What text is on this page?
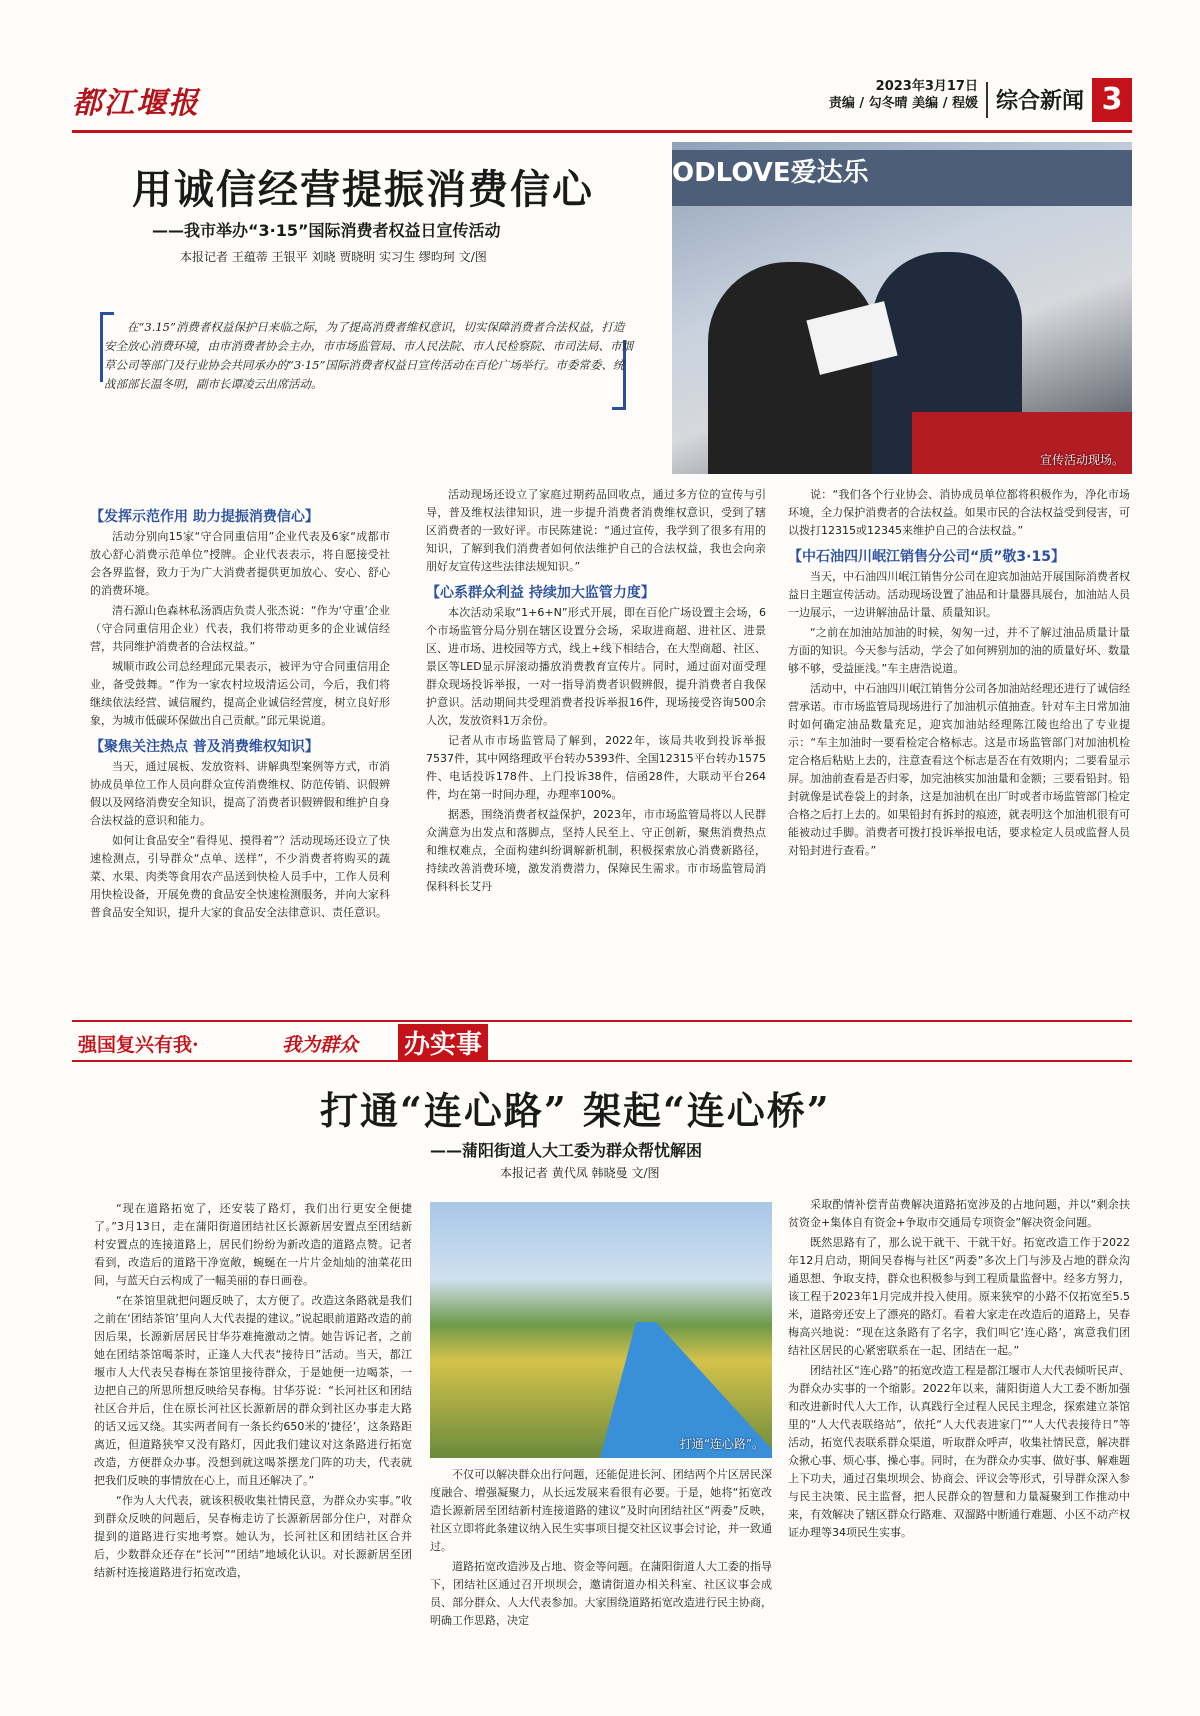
都江堰报	2023年3月17日
责编 / 勾冬晴 美编 / 程媛 综合新闻 3
用诚信经营提振消费信心
——我市举办“3·15”国际消费者权益日宣传活动
本报记者 王蕴蒂 王银平 刘晓 贾晓明 实习生 缪昀珂 文/图
在“3.15”消费者权益保护日来临之际，为了提高消费者维权意识，切实保障消费者合法权益，打造安全放心消费环境，由市消费者协会主办，市市场监管局、市人民法院、市人民检察院、市司法局、市烟草公司等部门及行业协会共同承办的“3·15”国际消费者权益日宣传活动在百伦广场举行。市委常委、统战部部长温冬明，副市长谭凌云出席活动。
ODLOVE爱达乐
宣传活动现场。

【发挥示范作用 助力提振消费信心】

活动分别向15家“守合同重信用”企业代表及6家“成都市放心舒心消费示范单位”授牌。企业代表表示，将自愿接受社会各界监督，致力于为广大消费者提供更加放心、安心、舒心的消费环境。

清石源山色森林私汤酒店负责人张杰说：“作为‘守重’企业（守合同重信用企业）代表，我们将带动更多的企业诚信经营，共同维护消费者的合法权益。”

城顺市政公司总经理邱元果表示，被评为守合同重信用企业，备受鼓舞。“作为一家农村垃圾清运公司，今后，我们将继续依法经营、诚信履约，提高企业诚信经营度，树立良好形象，为城市低碳环保做出自己贡献。”邱元果说道。

【聚焦关注热点 普及消费维权知识】

当天，通过展板、发放资料、讲解典型案例等方式，市消协成员单位工作人员向群众宣传消费维权、防范传销、识假辨假以及网络消费安全知识，提高了消费者识假辨假和维护自身合法权益的意识和能力。

如何让食品安全“看得见、摸得着”？活动现场还设立了快速检测点，引导群众“点单、送样”，不少消费者将购买的蔬菜、水果、肉类等食用农产品送到快检人员手中，工作人员利用快检设备，开展免费的食品安全快速检测服务，并向大家科普食品安全知识，提升大家的食品安全法律意识、责任意识。

活动现场还设立了家庭过期药品回收点，通过多方位的宣传与引导，普及维权法律知识，进一步提升消费者消费维权意识，受到了辖区消费者的一致好评。市民陈建说：“通过宣传，我学到了很多有用的知识，了解到我们消费者如何依法维护自己的合法权益，我也会向亲朋好友宣传这些法律法规知识。”

【心系群众利益 持续加大监管力度】

本次活动采取“1+6+N”形式开展，即在百伦广场设置主会场，6个市场监管分局分别在辖区设置分会场，采取进商超、进社区、进景区、进市场、进校园等方式，线上+线下相结合，在大型商超、社区、景区等LED显示屏滚动播放消费教育宣传片。同时，通过面对面受理群众现场投诉举报，一对一指导消费者识假辨假，提升消费者自我保护意识。活动期间共受理消费者投诉举报16件，现场接受咨询500余人次，发放资料1万余份。

记者从市市场监管局了解到，2022年，该局共收到投诉举报7537件，其中网络理政平台转办5393件、全国12315平台转办1575件、电话投诉178件、上门投诉38件，信函28件，大联动平台264件，均在第一时间办理，办理率100%。

据悉，围绕消费者权益保护，2023年，市市场监管局将以人民群众满意为出发点和落脚点，坚持人民至上、守正创新，聚焦消费热点和维权难点，全面构建纠纷调解新机制，积极探索放心消费新路径，持续改善消费环境，激发消费潜力，保障民生需求。市市场监管局消保科科长艾丹

说：“我们各个行业协会、消协成员单位都将积极作为，净化市场环境，全力保护消费者的合法权益。如果市民的合法权益受到侵害，可以拨打12315或12345来维护自己的合法权益。”

【中石油四川岷江销售分公司“质”敬3·15】

当天，中石油四川岷江销售分公司在迎宾加油站开展国际消费者权益日主题宣传活动。活动现场设置了油品和计量器具展台，加油站人员一边展示，一边讲解油品计量、质量知识。

“之前在加油站加油的时候，匆匆一过，并不了解过油品质量计量方面的知识。今天参与活动，学会了如何辨别加的油的质量好坏、数量够不够，受益匪浅。”车主唐浩说道。

活动中，中石油四川岷江销售分公司各加油站经理还进行了诚信经营承诺。市市场监管局现场进行了加油机示值抽查。针对车主日常加油时如何确定油品数量充足，迎宾加油站经理陈江陵也给出了专业提示：“车主加油时一要看检定合格标志。这是市场监管部门对加油机检定合格后粘贴上去的，注意查看这个标志是否在有效期内；二要看显示屏。加油前查看是否归零，加完油核实加油量和金额；三要看铅封。铅封就像是试卷袋上的封条，这是加油机在出厂时或者市场监管部门检定合格之后打上去的。如果铅封有拆封的痕迹，就表明这个加油机很有可能被动过手脚。消费者可拨打投诉举报电话，要求检定人员或监督人员对铅封进行查看。”

强国复兴有我·	我为群众 办实事
打通“连心路” 架起“连心桥”
——蒲阳街道人大工委为群众帮忧解困
本报记者 黄代凤 韩晓曼 文/图

“现在道路拓宽了，还安装了路灯，我们出行更安全便捷了。”3月13日，走在蒲阳街道团结社区长源新居安置点至团结新村安置点的连接道路上，居民们纷纷为新改造的道路点赞。记者看到，改造后的道路干净宽敞，蜿蜒在一片片金灿灿的油菜花田间，与蓝天白云构成了一幅美丽的春日画卷。

“在茶馆里就把问题反映了，太方便了。改造这条路就是我们之前在‘团结茶馆’里向人大代表提的建议。”说起眼前道路改造的前因后果，长源新居居民甘华芬难掩激动之情。她告诉记者，之前她在团结茶馆喝茶时，正逢人大代表“接待日”活动。当天，都江堰市人大代表吴春梅在茶馆里接待群众，于是她便一边喝茶，一边把自己的所思所想反映给吴春梅。甘华芬说：“长河社区和团结社区合并后，住在原长河社区长源新居的群众到社区办事走大路的话又远又绕。其实两者间有一条长约650米的‘捷径’，这条路距离近，但道路狭窄又没有路灯，因此我们建议对这条路进行拓宽改造，方便群众办事。没想到就这喝茶摆龙门阵的功夫，代表就把我们反映的事情放在心上，而且还解决了。”

“作为人大代表，就该积极收集社情民意，为群众办实事。”收到群众反映的问题后，吴春梅走访了长源新居部分住户，对群众提到的道路进行实地考察。她认为，长河社区和团结社区合并后，少数群众还存在“长河”“团结”地域化认识。对长源新居至团结新村连接道路进行拓宽改造，

打通“连心路”。

不仅可以解决群众出行问题，还能促进长河、团结两个片区居民深度融合、增强凝聚力，从长远发展来看很有必要。于是，她将“拓宽改造长源新居至团结新村连接道路的建议”及时向团结社区“两委”反映，社区立即将此条建议纳入民生实事项目提交社区议事会讨论，并一致通过。

道路拓宽改造涉及占地、资金等问题。在蒲阳街道人大工委的指导下，团结社区通过召开坝坝会，邀请街道办相关科室、社区议事会成员、部分群众、人大代表参加。大家围绕道路拓宽改造进行民主协商，明确工作思路，决定

采取酌情补偿青苗费解决道路拓宽涉及的占地问题，并以“剩余扶贫资金+集体自有资金+争取市交通局专项资金”解决资金问题。

既然思路有了，那么说干就干、干就干好。拓宽改造工作于2022年12月启动，期间吴春梅与社区“两委”多次上门与涉及占地的群众沟通思想、争取支持，群众也积极参与到工程质量监督中。经多方努力，该工程于2023年1月完成并投入使用。原来狭窄的小路不仅拓宽至5.5米，道路旁还安上了漂亮的路灯。看着大家走在改造后的道路上，吴春梅高兴地说：“现在这条路有了名字，我们叫它‘连心路’，寓意我们团结社区居民的心紧密联系在一起、团结在一起。”

团结社区“连心路”的拓宽改造工程是都江堰市人大代表倾听民声、为群众办实事的一个缩影。2022年以来，蒲阳街道人大工委不断加强和改进新时代人大工作，认真践行全过程人民民主理念，探索建立茶馆里的“人大代表联络站”，依托“人大代表进家门”“人大代表接待日”等活动，拓宽代表联系群众渠道，听取群众呼声，收集社情民意，解决群众揪心事、烦心事、操心事。同时，在为群众办实事、做好事、解难题上下功夫，通过召集坝坝会、协商会、评议会等形式，引导群众深入参与民主决策、民主监督，把人民群众的智慧和力量凝聚到工作推动中来，有效解决了辖区群众行路难、双溜路中断通行难题、小区不动产权证办理等34项民生实事。
